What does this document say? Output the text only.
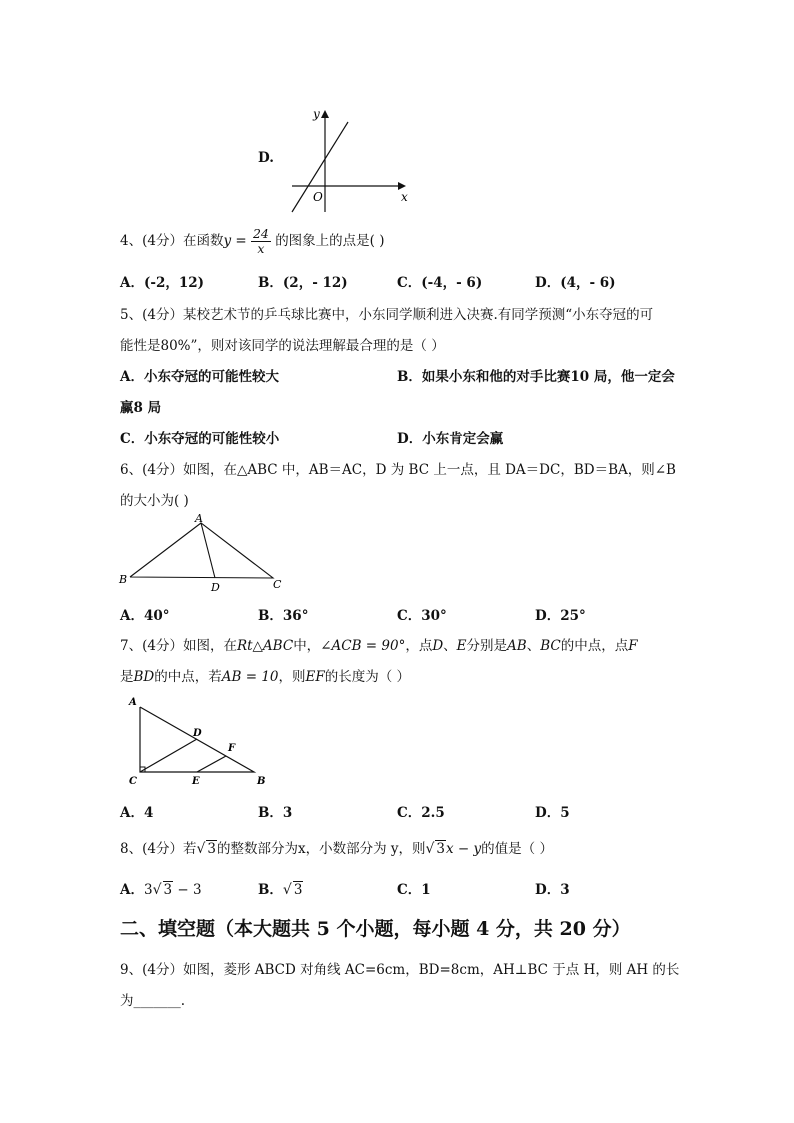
D.
y
x
O
4、(4分）在函数$y = \frac{24}{x}$ 的图象上的点是( )
A．(-2，12)	B．(2，- 12)	C．(-4，- 6)	D．(4，- 6)
5、(4分）某校艺术节的乒乓球比赛中，小东同学顺利进入决赛.有同学预测“小东夺冠的可
能性是80%”，则对该同学的说法理解最合理的是（ ）
A．小东夺冠的可能性较大	B．如果小东和他的对手比赛10 局，他一定会
赢8 局
C．小东夺冠的可能性较小	D．小东肯定会赢
6、(4分）如图，在△ABC 中，AB＝AC，D 为 BC 上一点，且 DA＝DC，BD＝BA，则∠B
的大小为( )
A
B	C
D
A．40°	B．36°	C．30°	D．25°
7、(4分）如图，在Rt△ABC中，∠ACB = 90°，点D、E分别是AB、BC的中点，点F
是BD的中点，若AB = 10，则EF的长度为（ ）
A
C	B
D
E
F
A．4	B．3	C．2.5	D．5
8、(4分）若√ 3的整数部分为x，小数部分为 y，则√ 3x − y的值是（ ）
A．3√ 3 − 3	B．√ 3	C．1	D．3
二、填空题（本大题共 5 个小题，每小题 4 分，共 20 分）
9、(4分）如图，菱形 ABCD 对角线 AC=6cm，BD=8cm，AH⊥BC 于点 H，则 AH 的长
为_______.
